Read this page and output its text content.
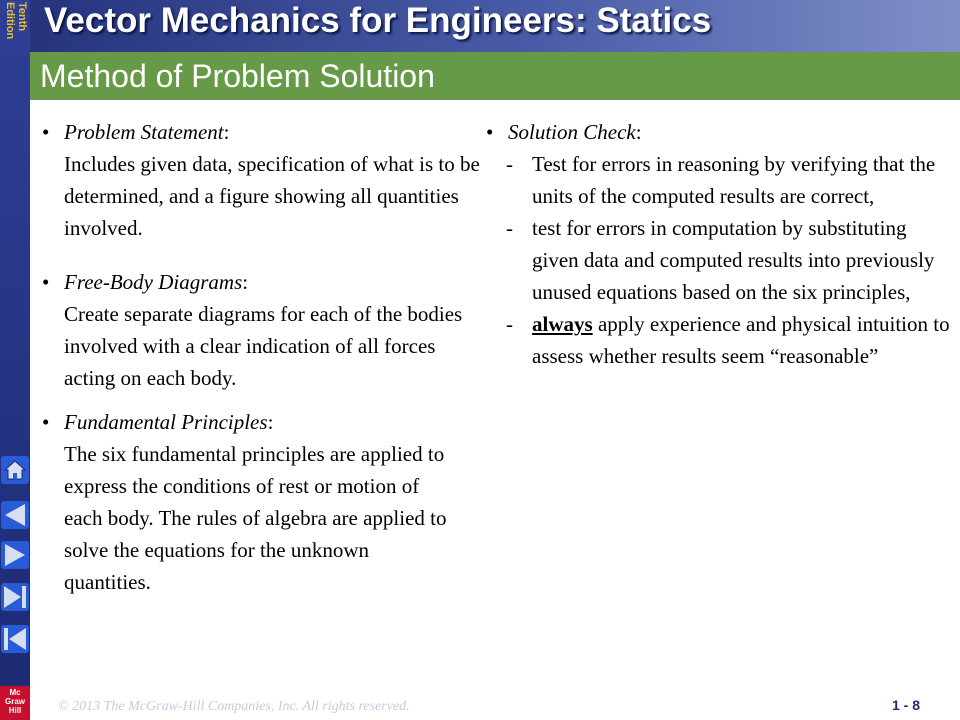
Tenth Edition
Mc
Graw
Hill
Vector Mechanics for Engineers: Statics
Method of Problem Solution
• Problem Statement:
Includes given data, specification of what is to be determined, and a figure showing all quantities involved.
• Free-Body Diagrams:
Create separate diagrams for each of the bodies involved with a clear indication of all forces acting on each body.
• Fundamental Principles:
The six fundamental principles are applied to express the conditions of rest or motion of each body. The rules of algebra are applied to solve the equations for the unknown quantities.
• Solution Check:
- Test for errors in reasoning by verifying that the units of the computed results are correct,
- test for errors in computation by substituting given data and computed results into previously unused equations based on the six principles,
- always apply experience and physical intuition to assess whether results seem “reasonable”
© 2013 The McGraw-Hill Companies, Inc. All rights reserved.	1 - 8
